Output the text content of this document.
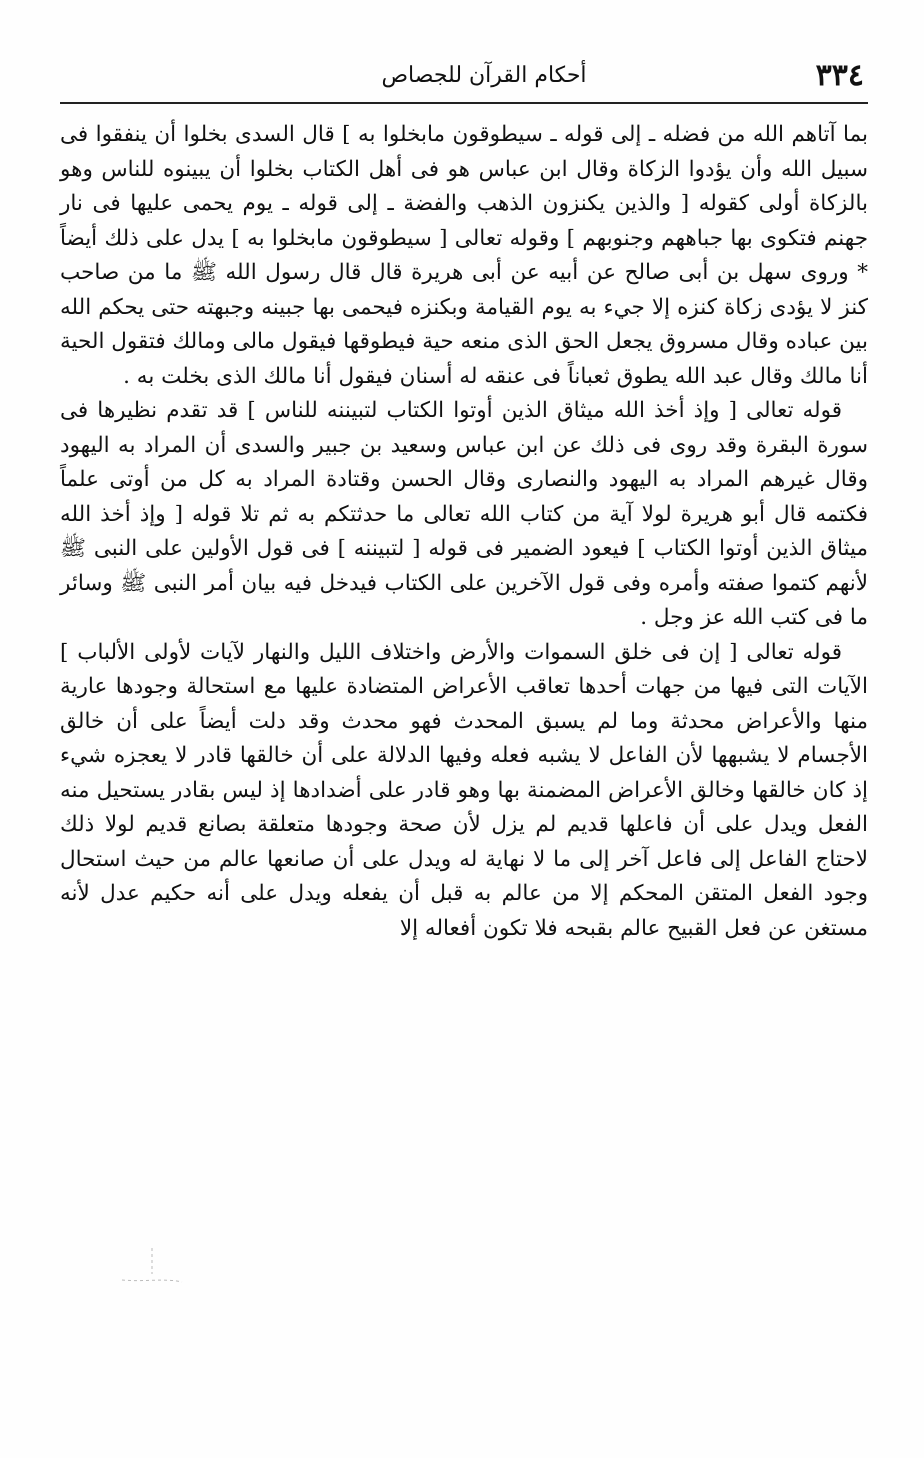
٣٣٤
أحكام القرآن للجصاص

بما آتاهم الله من فضله ـ إلى قوله ـ سيطوقون مابخلوا به ] قال السدى بخلوا أن ينفقوا فى سبيل الله وأن يؤدوا الزكاة وقال ابن عباس هو فى أهل الكتاب بخلوا أن يبينوه للناس وهو بالزكاة أولى كقوله [ والذين يكنزون الذهب والفضة ـ إلى قوله ـ يوم يحمى عليها فى نار جهنم فتكوى بها جباههم وجنوبهم ] وقوله تعالى [ سيطوقون مابخلوا به ] يدل على ذلك أيضاً * وروى سهل بن أبى صالح عن أبيه عن أبى هريرة قال قال رسول الله ﷺ ما من صاحب كنز لا يؤدى زكاة كنزه إلا جيء به يوم القيامة وبكنزه فيحمى بها جبينه وجبهته حتى يحكم الله بين عباده وقال مسروق يجعل الحق الذى منعه حية فيطوقها فيقول مالى ومالك فتقول الحية أنا مالك وقال عبد الله يطوق ثعباناً فى عنقه له أسنان فيقول أنا مالك الذى بخلت به .

قوله تعالى [ وإذ أخذ الله ميثاق الذين أوتوا الكتاب لتبيننه للناس ] قد تقدم نظيرها فى سورة البقرة وقد روى فى ذلك عن ابن عباس وسعيد بن جبير والسدى أن المراد به اليهود وقال غيرهم المراد به اليهود والنصارى وقال الحسن وقتادة المراد به كل من أوتى علماً فكتمه قال أبو هريرة لولا آية من كتاب الله تعالى ما حدثتكم به ثم تلا قوله [ وإذ أخذ الله ميثاق الذين أوتوا الكتاب ] فيعود الضمير فى قوله [ لتبيننه ] فى قول الأولين على النبى ﷺ لأنهم كتموا صفته وأمره وفى قول الآخرين على الكتاب فيدخل فيه بيان أمر النبى ﷺ وسائر ما فى كتب الله عز وجل .

قوله تعالى [ إن فى خلق السموات والأرض واختلاف الليل والنهار لآيات لأولى الألباب ] الآيات التى فيها من جهات أحدها تعاقب الأعراض المتضادة عليها مع استحالة وجودها عارية منها والأعراض محدثة وما لم يسبق المحدث فهو محدث وقد دلت أيضاً على أن خالق الأجسام لا يشبهها لأن الفاعل لا يشبه فعله وفيها الدلالة على أن خالقها قادر لا يعجزه شيء إذ كان خالقها وخالق الأعراض المضمنة بها وهو قادر على أضدادها إذ ليس بقادر يستحيل منه الفعل ويدل على أن فاعلها قديم لم يزل لأن صحة وجودها متعلقة بصانع قديم لولا ذلك لاحتاج الفاعل إلى فاعل آخر إلى ما لا نهاية له ويدل على أن صانعها عالم من حيث استحال وجود الفعل المتقن المحكم إلا من عالم به قبل أن يفعله ويدل على أنه حكيم عدل لأنه مستغن عن فعل القبيح عالم بقبحه فلا تكون أفعاله إلا
